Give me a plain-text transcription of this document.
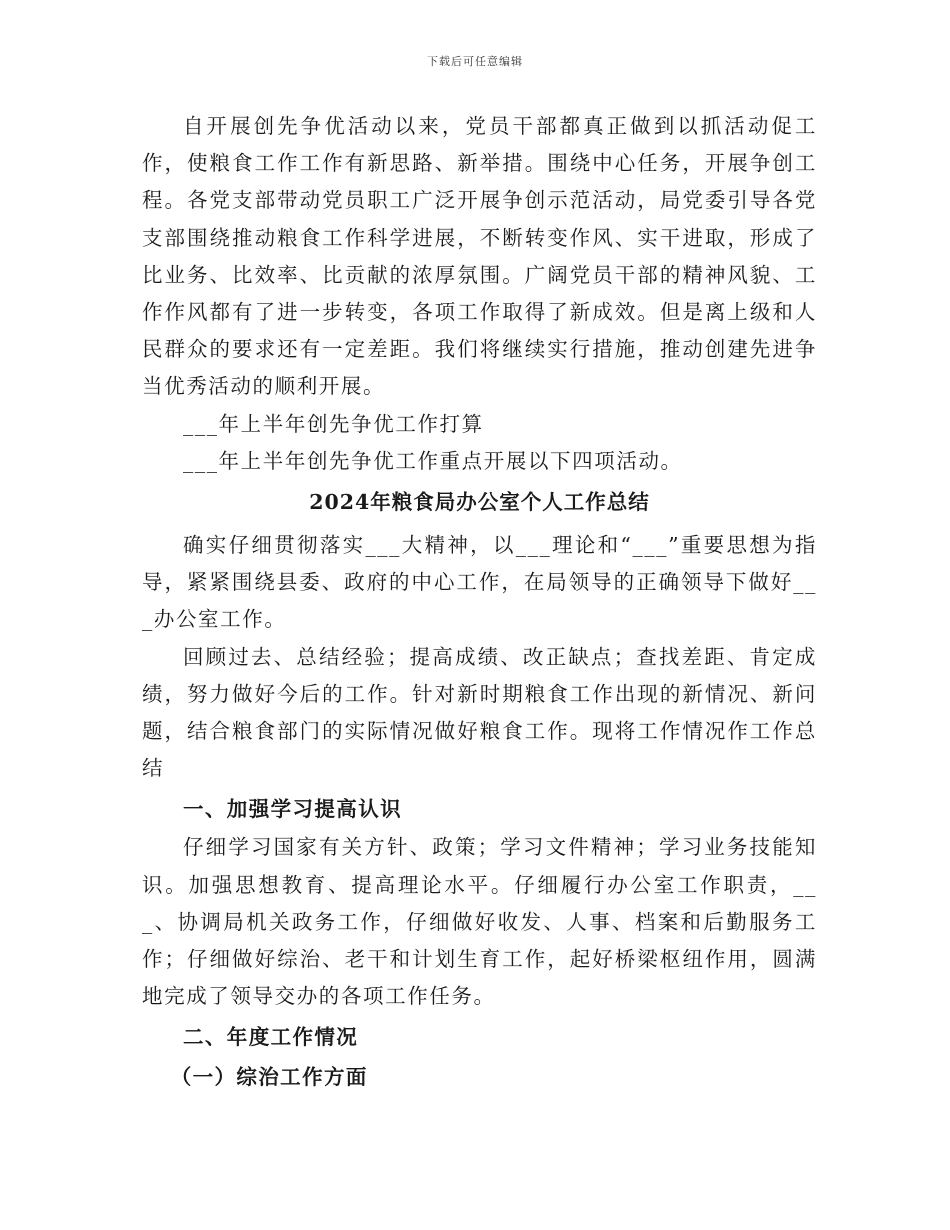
下载后可任意编辑

自开展创先争优活动以来，党员干部都真正做到以抓活动促工作，使粮食工作工作有新思路、新举措。围绕中心任务，开展争创工程。各党支部带动党员职工广泛开展争创示范活动，局党委引导各党支部围绕推动粮食工作科学进展，不断转变作风、实干进取，形成了比业务、比效率、比贡献的浓厚氛围。广阔党员干部的精神风貌、工作作风都有了进一步转变，各项工作取得了新成效。但是离上级和人民群众的要求还有一定差距。我们将继续实行措施，推动创建先进争当优秀活动的顺利开展。

___年上半年创先争优工作打算

___年上半年创先争优工作重点开展以下四项活动。

2024年粮食局办公室个人工作总结

确实仔细贯彻落实___大精神，以___理论和“___”重要思想为指导，紧紧围绕县委、政府的中心工作，在局领导的正确领导下做好___办公室工作。

回顾过去、总结经验；提高成绩、改正缺点；查找差距、肯定成绩，努力做好今后的工作。针对新时期粮食工作出现的新情况、新问题，结合粮食部门的实际情况做好粮食工作。现将工作情况作工作总结

一、加强学习提高认识

仔细学习国家有关方针、政策；学习文件精神；学习业务技能知识。加强思想教育、提高理论水平。仔细履行办公室工作职责，___、协调局机关政务工作，仔细做好收发、人事、档案和后勤服务工作；仔细做好综治、老干和计划生育工作，起好桥梁枢纽作用，圆满地完成了领导交办的各项工作任务。

二、年度工作情况
（一）综治工作方面
